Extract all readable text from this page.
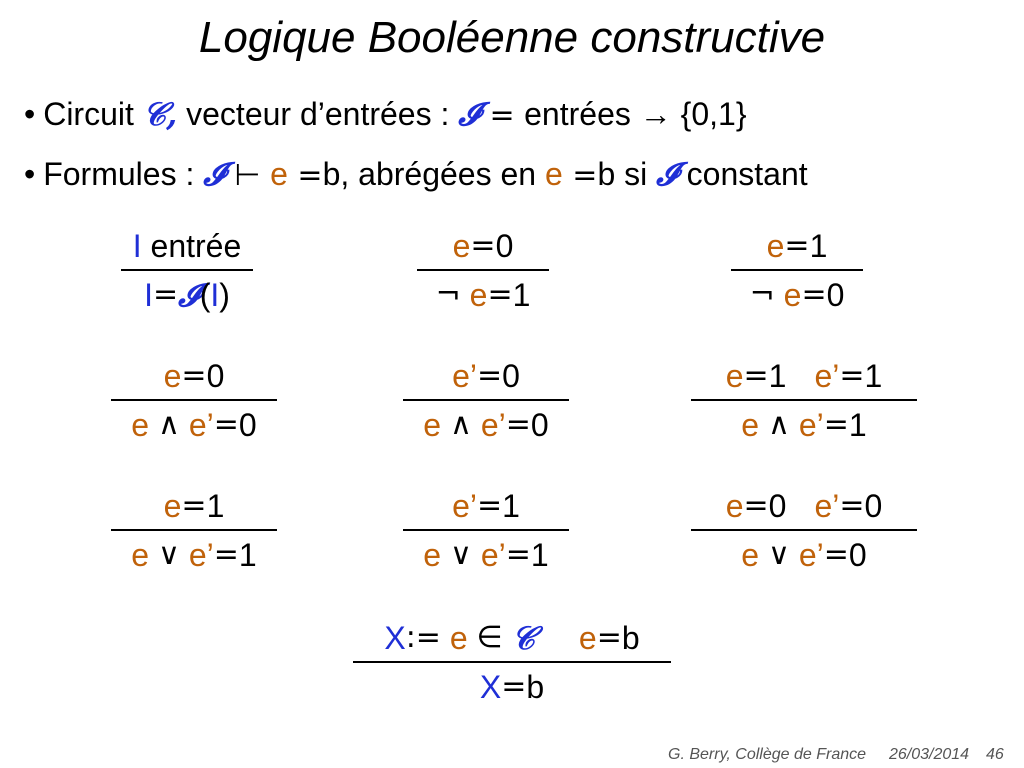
Logique Booléenne constructive
• Circuit 𝒞, vecteur d’entrées : 𝓘 = entrées → {0,1}
• Formules : 𝓘 ⊢ e =b, abrégées en e =b si 𝓘 constant
I
entrée
I = 𝓘 ( I )
e = 0
¬
e = 1
e = 1
¬
e = 0
e = 0
e
∧
e’ = 0
e’ = 0
e
∧
e’ = 0
e = 1 e’ = 1
e
∧
e’ = 1
e = 1
e
∨
e’ = 1
e’ = 1
e
∨
e’ = 1
e = 0 e’ = 0
e
∨
e’ = 0
X :=
e
∈
𝒞 e = b
X = b
G. Berry, Collège de France 26/03/2014 46
